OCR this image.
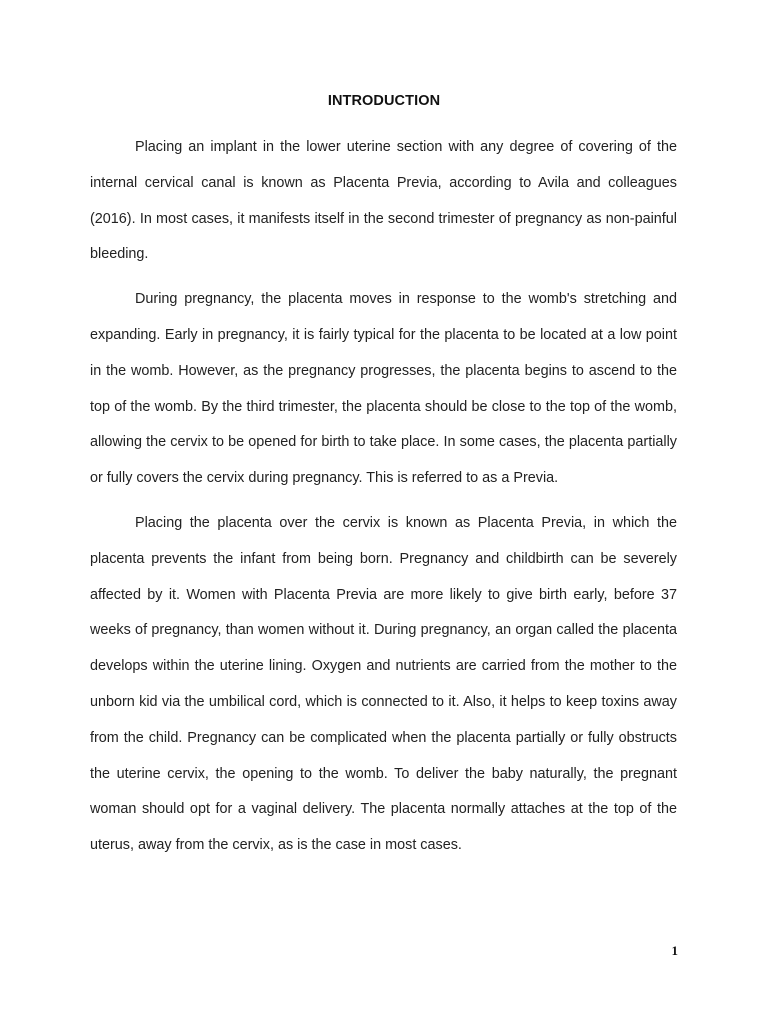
INTRODUCTION

Placing an implant in the lower uterine section with any degree of covering of the internal cervical canal is known as Placenta Previa, according to Avila and colleagues (2016). In most cases, it manifests itself in the second trimester of pregnancy as non-painful bleeding.

During pregnancy, the placenta moves in response to the womb's stretching and expanding. Early in pregnancy, it is fairly typical for the placenta to be located at a low point in the womb. However, as the pregnancy progresses, the placenta begins to ascend to the top of the womb. By the third trimester, the placenta should be close to the top of the womb, allowing the cervix to be opened for birth to take place. In some cases, the placenta partially or fully covers the cervix during pregnancy. This is referred to as a Previa.

Placing the placenta over the cervix is known as Placenta Previa, in which the placenta prevents the infant from being born. Pregnancy and childbirth can be severely affected by it. Women with Placenta Previa are more likely to give birth early, before 37 weeks of pregnancy, than women without it. During pregnancy, an organ called the placenta develops within the uterine lining. Oxygen and nutrients are carried from the mother to the unborn kid via the umbilical cord, which is connected to it. Also, it helps to keep toxins away from the child. Pregnancy can be complicated when the placenta partially or fully obstructs the uterine cervix, the opening to the womb. To deliver the baby naturally, the pregnant woman should opt for a vaginal delivery. The placenta normally attaches at the top of the uterus, away from the cervix, as is the case in most cases.

1
